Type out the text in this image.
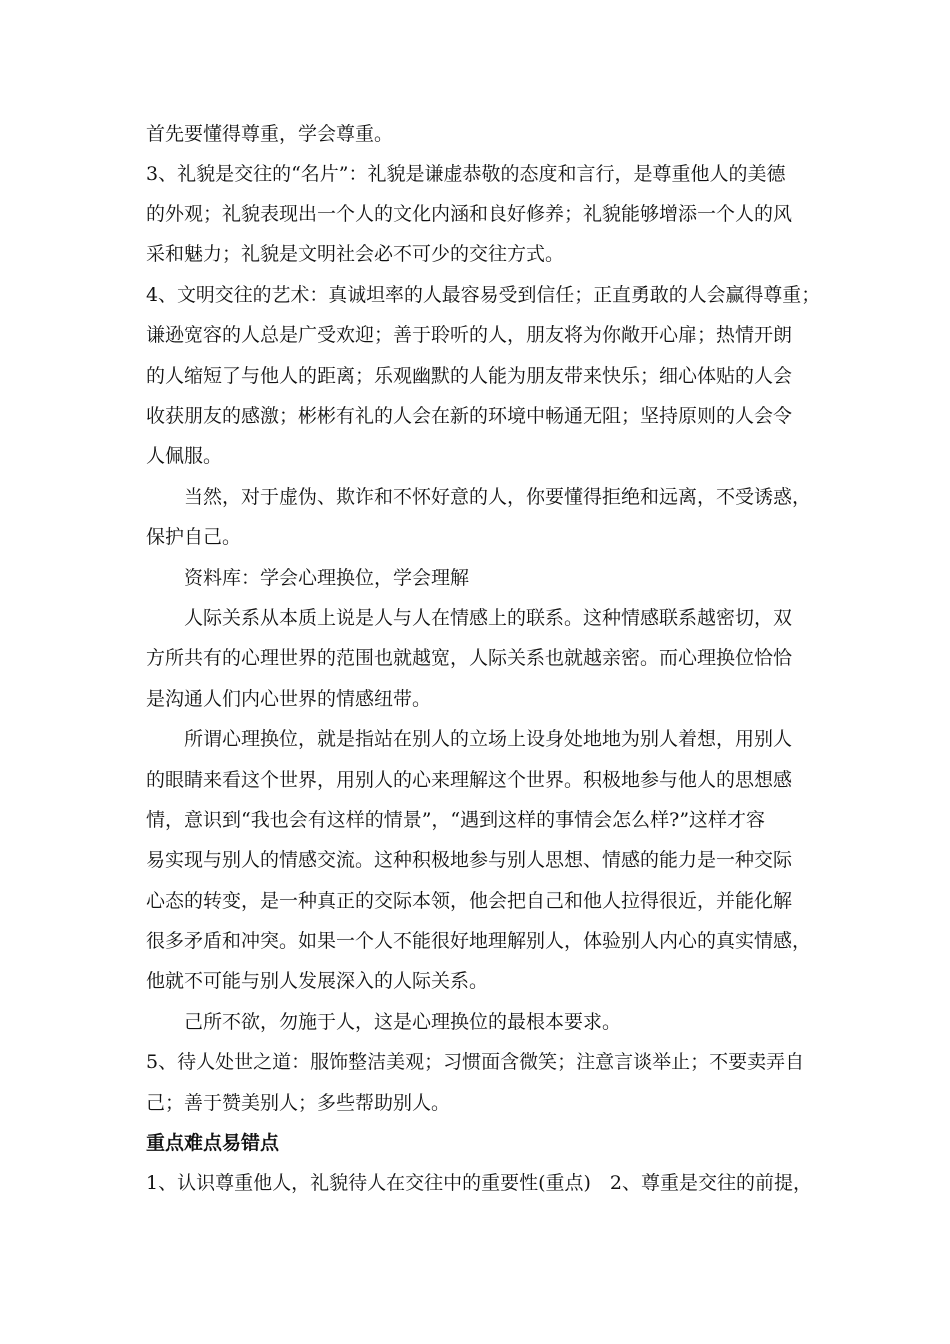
首先要懂得尊重，学会尊重。
3、礼貌是交往的“名片”：礼貌是谦虚恭敬的态度和言行，是尊重他人的美德
的外观；礼貌表现出一个人的文化内涵和良好修养；礼貌能够增添一个人的风
采和魅力；礼貌是文明社会必不可少的交往方式。
4、文明交往的艺术：真诚坦率的人最容易受到信任；正直勇敢的人会赢得尊重；
谦逊宽容的人总是广受欢迎；善于聆听的人，朋友将为你敞开心扉；热情开朗
的人缩短了与他人的距离；乐观幽默的人能为朋友带来快乐；细心体贴的人会
收获朋友的感激；彬彬有礼的人会在新的环境中畅通无阻；坚持原则的人会令
人佩服。
当然，对于虚伪、欺诈和不怀好意的人，你要懂得拒绝和远离，不受诱惑，
保护自己。
资料库：学会心理换位，学会理解
人际关系从本质上说是人与人在情感上的联系。这种情感联系越密切，双
方所共有的心理世界的范围也就越宽，人际关系也就越亲密。而心理换位恰恰
是沟通人们内心世界的情感纽带。
所谓心理换位，就是指站在别人的立场上设身处地地为别人着想，用别人
的眼睛来看这个世界，用别人的心来理解这个世界。积极地参与他人的思想感
情，意识到“我也会有这样的情景”，“遇到这样的事情会怎么样?”这样才容
易实现与别人的情感交流。这种积极地参与别人思想、情感的能力是一种交际
心态的转变，是一种真正的交际本领，他会把自己和他人拉得很近，并能化解
很多矛盾和冲突。如果一个人不能很好地理解别人，体验别人内心的真实情感，
他就不可能与别人发展深入的人际关系。
己所不欲，勿施于人，这是心理换位的最根本要求。
5、待人处世之道：服饰整洁美观；习惯面含微笑；注意言谈举止；不要卖弄自
己；善于赞美别人；多些帮助别人。
重点难点易错点
1、认识尊重他人，礼貌待人在交往中的重要性(重点)　2、尊重是交往的前提，
